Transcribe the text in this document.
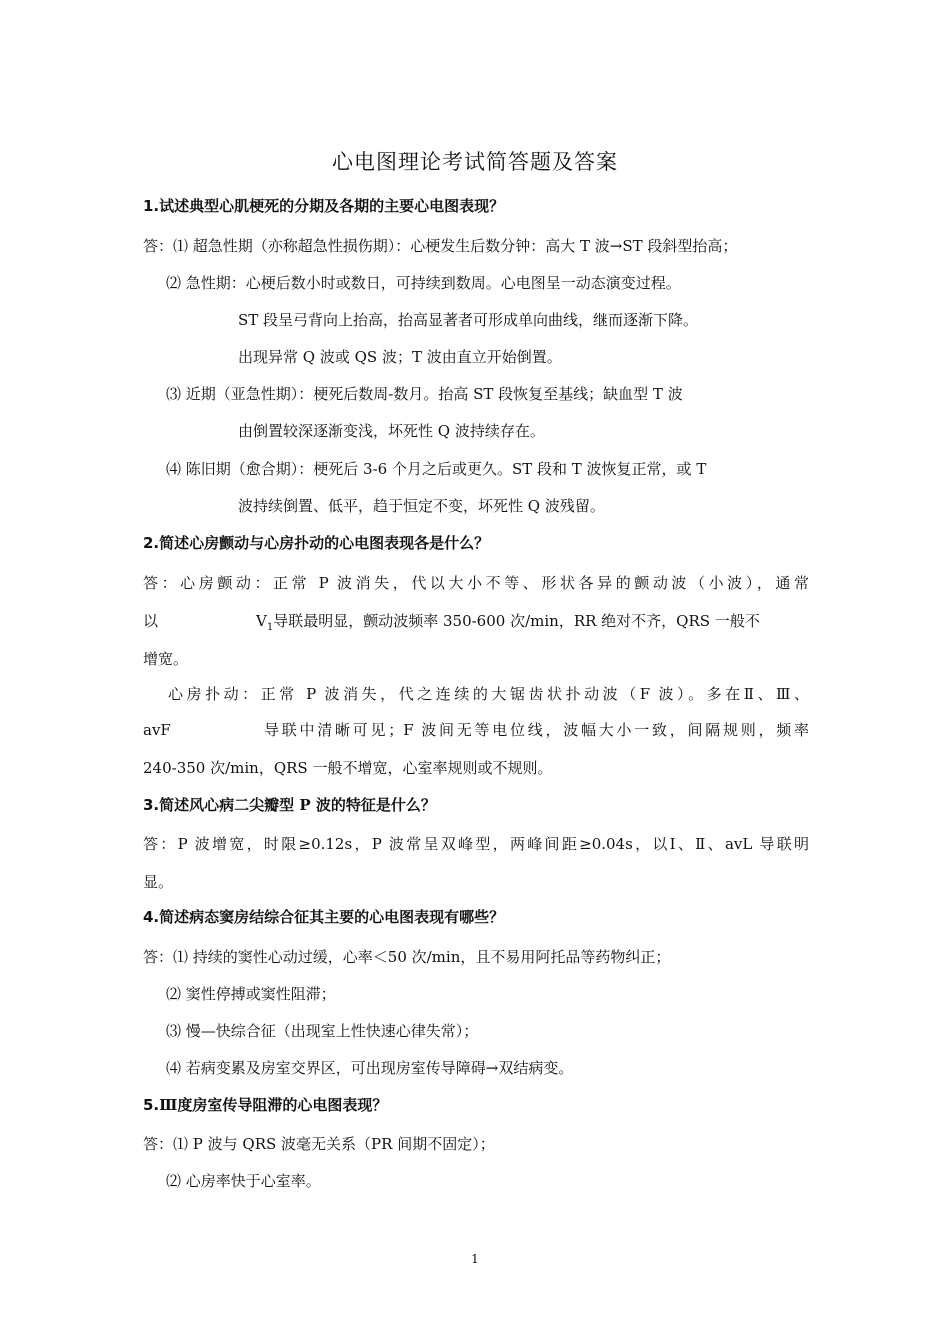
心电图理论考试简答题及答案
1.试述典型心肌梗死的分期及各期的主要心电图表现？
答：⑴ 超急性期（亦称超急性损伤期）：心梗发生后数分钟：高大 T 波→ST 段斜型抬高；
⑵ 急性期：心梗后数小时或数日，可持续到数周。心电图呈一动态演变过程。
ST 段呈弓背向上抬高，抬高显著者可形成单向曲线，继而逐渐下降。
出现异常 Q 波或 QS 波；T 波由直立开始倒置。
⑶ 近期（亚急性期）：梗死后数周-数月。抬高 ST 段恢复至基线；缺血型 T 波
由倒置较深逐渐变浅，坏死性 Q 波持续存在。
⑷ 陈旧期（愈合期）：梗死后 3-6 个月之后或更久。ST 段和 T 波恢复正常，或 T
波持续倒置、低平，趋于恒定不变，坏死性 Q 波残留。
2.简述心房颤动与心房扑动的心电图表现各是什么？
答：心房颤动：正常 P 波消失，代以大小不等、形状各异的颤动波（小波），通常
以	$V_1$导联最明显，颤动波频率 350-600 次/min，RR 绝对不齐，QRS 一般不
增宽。
心房扑动：正常 P 波消失，代之连续的大锯齿状扑动波（F 波）。多在Ⅱ、Ⅲ、
avF	导联中清晰可见；F 波间无等电位线，波幅大小一致，间隔规则，频率
240-350 次/min，QRS 一般不增宽，心室率规则或不规则。
3.简述风心病二尖瓣型 P 波的特征是什么？
答：P 波增宽，时限≥0.12s，P 波常呈双峰型，两峰间距≥0.04s，以Ⅰ、Ⅱ、avL 导联明
显。
4.简述病态窦房结综合征其主要的心电图表现有哪些？
答：⑴ 持续的窦性心动过缓，心率＜50 次/min，且不易用阿托品等药物纠正；
⑵ 窦性停搏或窦性阻滞；
⑶ 慢—快综合征（出现室上性快速心律失常）；
⑷ 若病变累及房室交界区，可出现房室传导障碍→双结病变。
5.Ⅲ度房室传导阻滞的心电图表现？
答：⑴ P 波与 QRS 波毫无关系（PR 间期不固定）；
⑵ 心房率快于心室率。
1
